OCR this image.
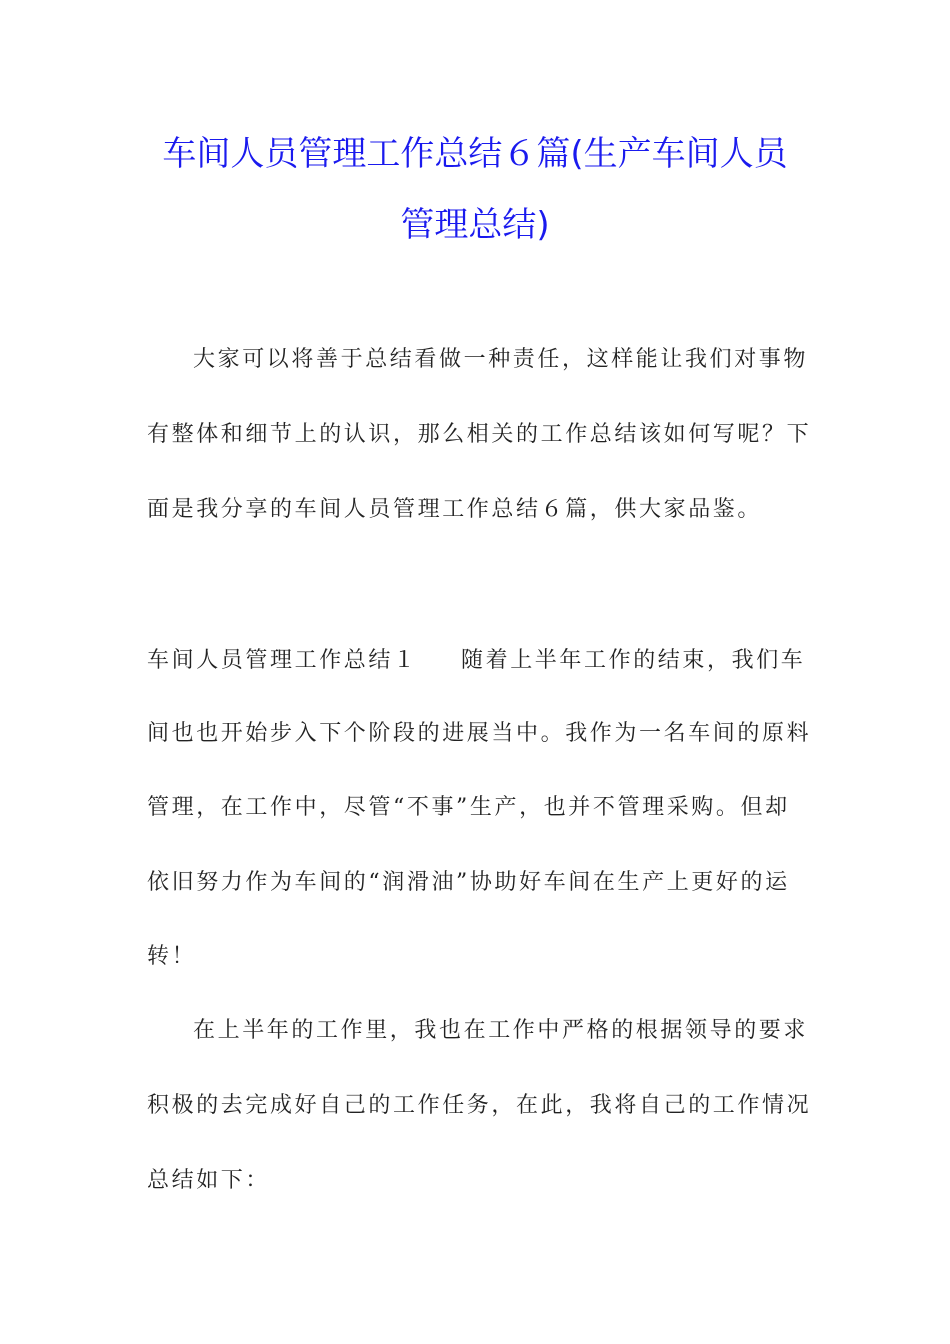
车间人员管理工作总结６篇(生产车间人员
管理总结)
大家可以将善于总结看做一种责任，这样能让我们对事物
有整体和细节上的认识，那么相关的工作总结该如何写呢？下
面是我分享的车间人员管理工作总结６篇，供大家品鉴。
车间人员管理工作总结１ 随着上半年工作的结束，我们车
间也也开始步入下个阶段的进展当中。我作为一名车间的原料
管理，在工作中，尽管“不事”生产，也并不管理采购。但却
依旧努力作为车间的“润滑油”协助好车间在生产上更好的运
转！
在上半年的工作里，我也在工作中严格的根据领导的要求
积极的去完成好自己的工作任务，在此，我将自己的工作情况
总结如下：
